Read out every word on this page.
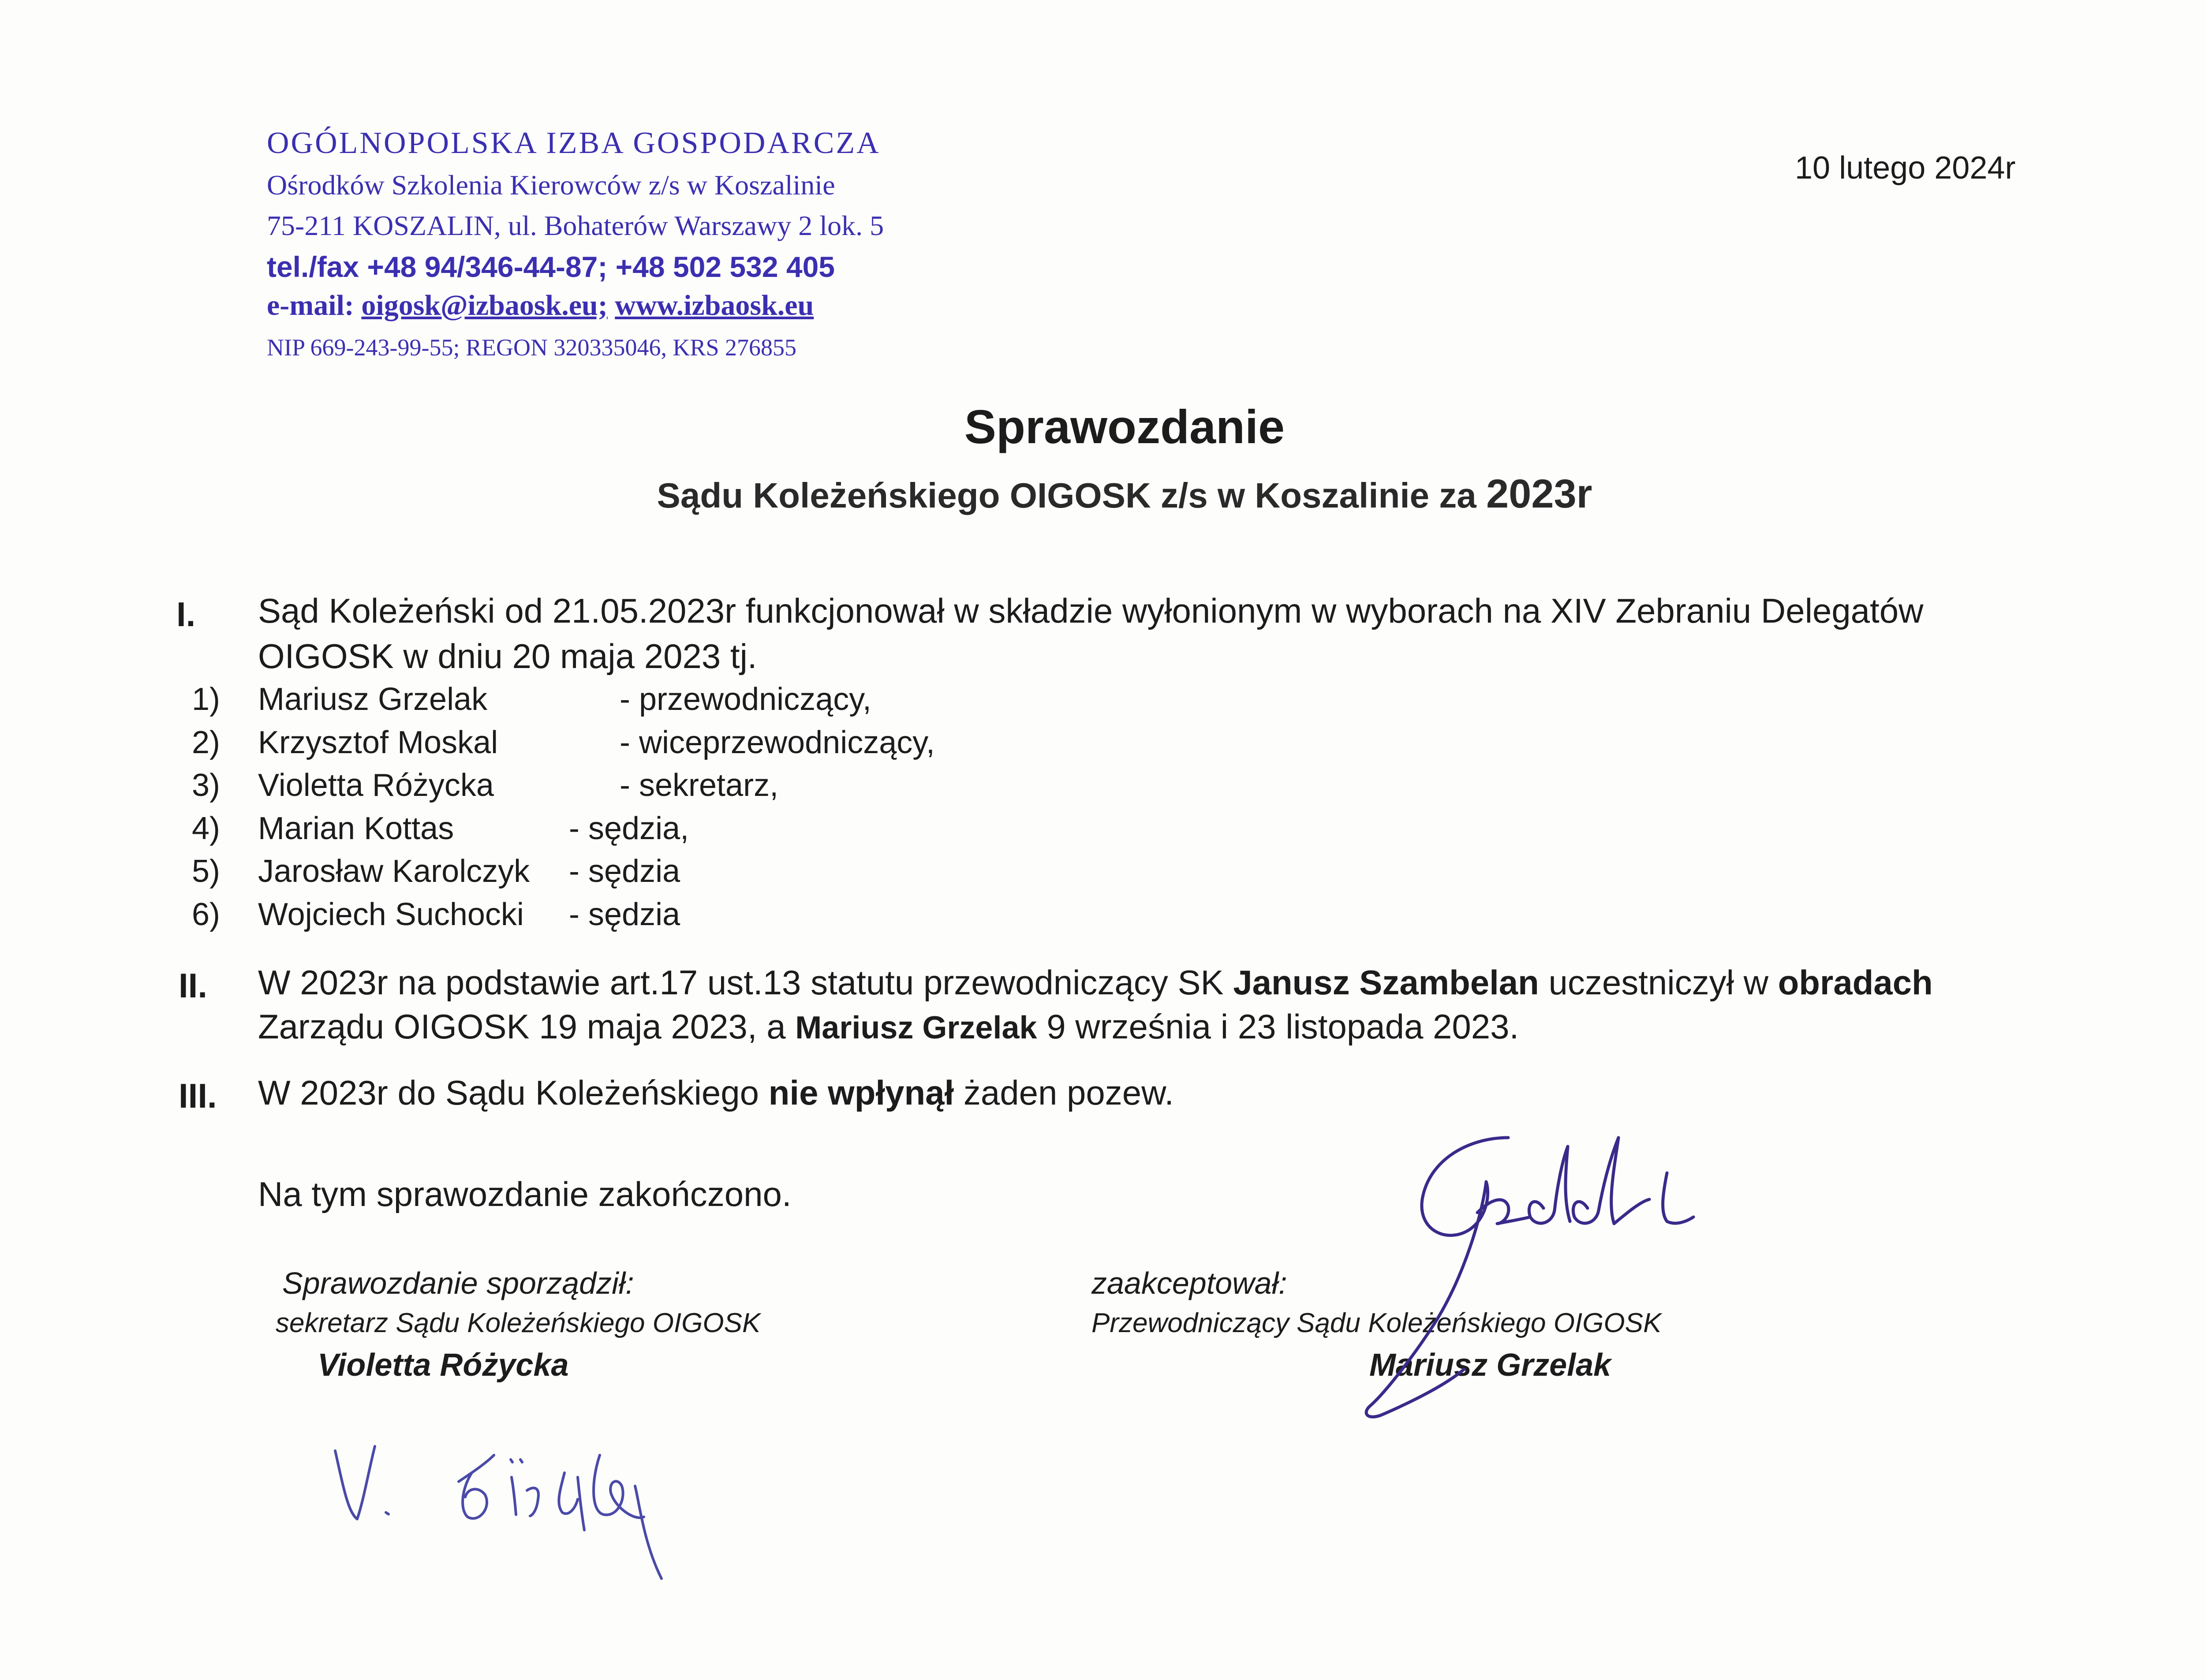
OGÓLNOPOLSKA IZBA GOSPODARCZA
Ośrodków Szkolenia Kierowców z/s w Koszalinie
75-211 KOSZALIN, ul. Bohaterów Warszawy 2 lok. 5
tel./fax +48 94/346-44-87; +48 502 532 405
e-mail: oigosk@izbaosk.eu; www.izbaosk.eu
NIP 669-243-99-55; REGON 320335046, KRS 276855
10 lutego 2024r
Sprawozdanie
Sądu Koleżeńskiego OIGOSK z/s w Koszalinie za 2023r
I. Sąd Koleżeński od 21.05.2023r funkcjonował w składzie wyłonionym w wyborach na XIV Zebraniu Delegatów
OIGOSK w dniu 20 maja 2023 tj.
1) Mariusz Grzelak	- przewodniczący,
2) Krzysztof Moskal	- wiceprzewodniczący,
3) Violetta Różycka	- sekretarz,
4) Marian Kottas	- sędzia,
5) Jarosław Karolczyk - sędzia
6) Wojciech Suchocki - sędzia
II. W 2023r na podstawie art.17 ust.13 statutu przewodniczący SK Janusz Szambelan uczestniczył w obradach
Zarządu OIGOSK 19 maja 2023, a Mariusz Grzelak 9 września i 23 listopada 2023.
III. W 2023r do Sądu Koleżeńskiego nie wpłynął żaden pozew.
Na tym sprawozdanie zakończono.
Sprawozdanie sporządził:
sekretarz Sądu Koleżeńskiego OIGOSK
Violetta Różycka
zaakceptował:
Przewodniczący Sądu Koleżeńskiego OIGOSK
Mariusz Grzelak
